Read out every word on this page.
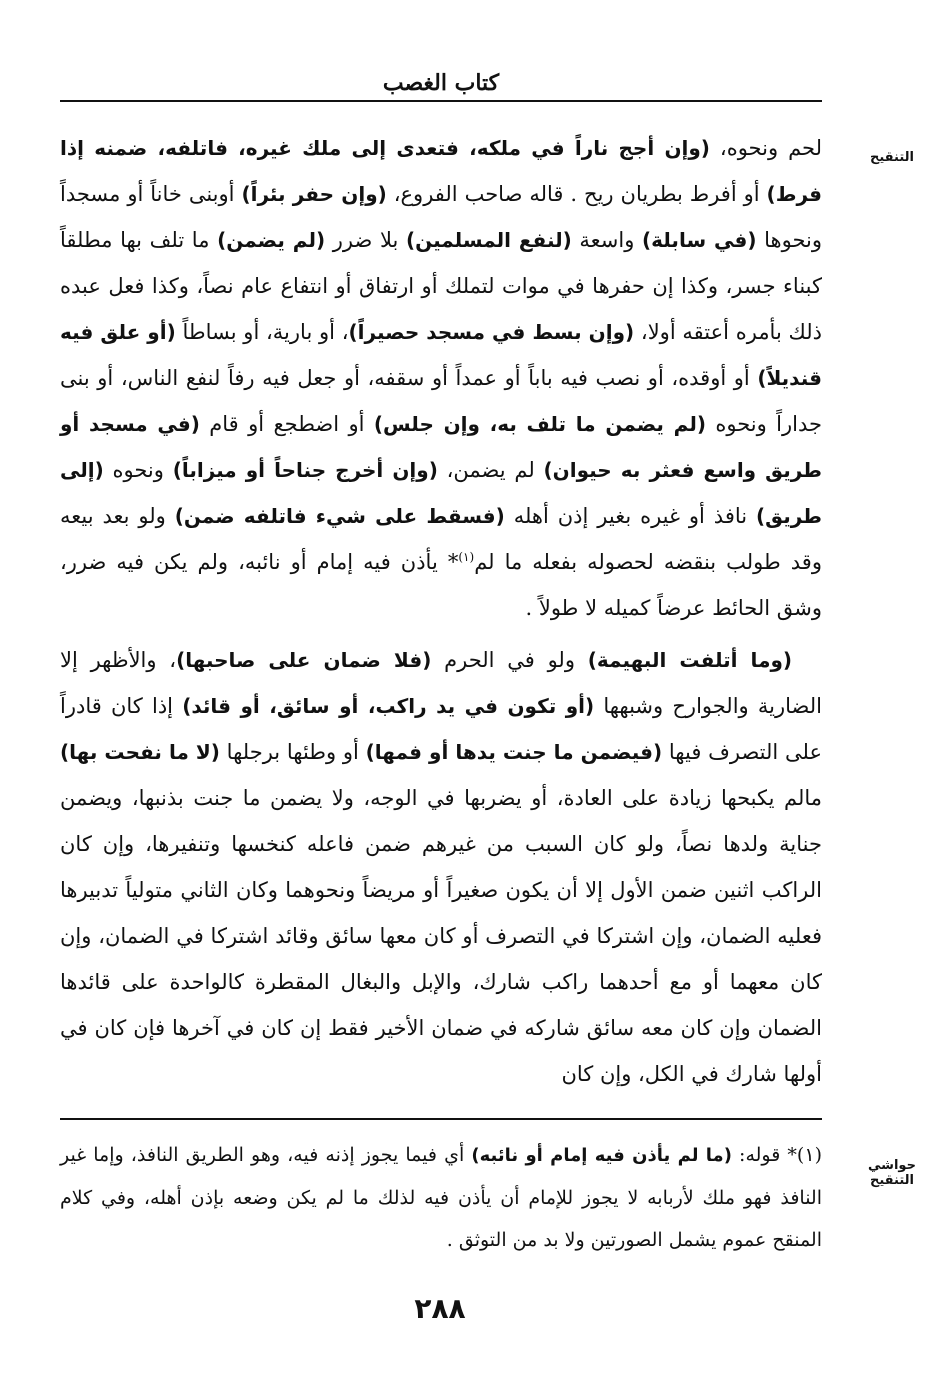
كتاب الغصب
التنقيح
حواشي التنقيح

لحم ونحوه، (وإن أجج ناراً في ملكه، فتعدى إلى ملك غيره، فاتلفه، ضمنه إذا فرط) أو أفرط بطريان ريح . قاله صاحب الفروع، (وإن حفر بئراً) أوبنى خاناً أو مسجداً ونحوها (في سابلة) واسعة (لنفع المسلمين) بلا ضرر (لم يضمن) ما تلف بها مطلقاً كبناء جسر، وكذا إن حفرها في موات لتملك أو ارتفاق أو انتفاع عام نصاً، وكذا فعل عبده ذلك بأمره أعتقه أولا، (وإن بسط في مسجد حصيراً)، أو بارية، أو بساطاً (أو علق فيه قنديلاً) أو أوقده، أو نصب فيه باباً أو عمداً أو سقفه، أو جعل فيه رفاً لنفع الناس، أو بنى جداراً ونحوه (لم يضمن ما تلف به، وإن جلس) أو اضطجع أو قام (في مسجد أو طريق واسع فعثر به حيوان) لم يضمن، (وإن أخرج جناحاً أو ميزاباً) ونحوه (إلى طريق) نافذ أو غيره بغير إذن أهله (فسقط على شيء فاتلفه ضمن) ولو بعد بيعه وقد طولب بنقضه لحصوله بفعله ما لم$^{(١)}$* يأذن فيه إمام أو نائبه، ولم يكن فيه ضرر، وشق الحائط عرضاً كميله لا طولاً .

(وما أتلفت البهيمة) ولو في الحرم (فلا ضمان على صاحبها)، والأظهر إلا الضارية والجوارح وشبهها (أو تكون في يد راكب، أو سائق، أو قائد) إذا كان قادراً على التصرف فيها (فيضمن ما جنت يدها أو فمها) أو وطئها برجلها (لا ما نفحت بها) مالم يكبحها زيادة على العادة، أو يضربها في الوجه، ولا يضمن ما جنت بذنبها، ويضمن جناية ولدها نصاً، ولو كان السبب من غيرهم ضمن فاعله كنخسها وتنفيرها، وإن كان الراكب اثنين ضمن الأول إلا أن يكون صغيراً أو مريضاً ونحوهما وكان الثاني متولياً تدبيرها فعليه الضمان، وإن اشتركا في التصرف أو كان معها سائق وقائد اشتركا في الضمان، وإن كان معهما أو مع أحدهما راكب شارك، والإبل والبغال المقطرة كالواحدة على قائدها الضمان وإن كان معه سائق شاركه في ضمان الأخير فقط إن كان في آخرها فإن كان في أولها شارك في الكل، وإن كان

(١)* قوله: (ما لم يأذن فيه إمام أو نائبه) أي فيما يجوز إذنه فيه، وهو الطريق النافذ، وإما غير النافذ فهو ملك لأربابه لا يجوز للإمام أن يأذن فيه لذلك ما لم يكن وضعه بإذن أهله، وفي كلام المنقح عموم يشمل الصورتين ولا بد من التوثق .

٢٨٨
